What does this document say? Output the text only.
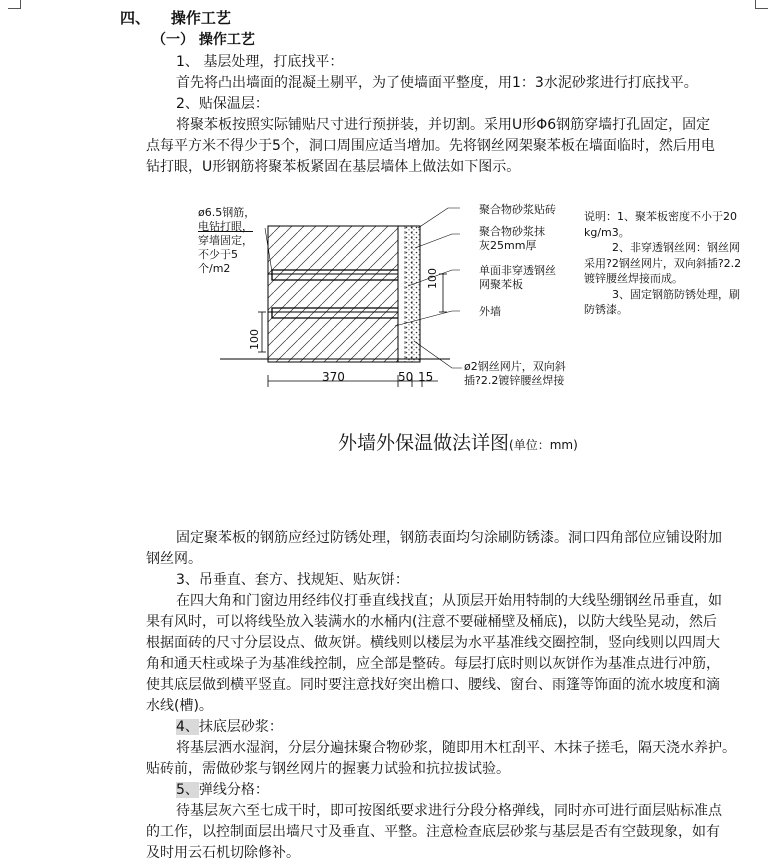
四、 操作工艺
（一） 操作工艺
1、 基层处理，打底找平：
首先将凸出墙面的混凝土剔平，为了使墙面平整度，用1：3水泥砂浆进行打底找平。
2、贴保温层：
将聚苯板按照实际铺贴尺寸进行预拼装，并切割。采用U形Φ6钢筋穿墙打孔固定，固定
点每平方米不得少于5个，洞口周围应适当增加。先将钢丝网架聚苯板在墙面临时，然后用电
钻打眼，U形钢筋将聚苯板紧固在基层墙体上做法如下图示。
ø6.5钢筋，
电钻打眼，
穿墙固定，
不少于5
个/m2
聚合物砂浆贴砖
聚合物砂浆抹
灰25mm厚
单面非穿透钢丝
网聚苯板
外墙
ø2钢丝网片，双向斜
插?2.2镀锌腰丝焊接
100
100
370	50 15
说明：1、聚苯板密度不小于20
kg/m3。
2、非穿透钢丝网：钢丝网
采用?2钢丝网片，双向斜插?2.2
镀锌腰丝焊接而成。
3、固定钢筋防锈处理，刷
防锈漆。
外墙外保温做法详图(单位：mm)
固定聚苯板的钢筋应经过防锈处理，钢筋表面均匀涂刷防锈漆。洞口四角部位应铺设附加
钢丝网。
3、吊垂直、套方、找规矩、贴灰饼：
在四大角和门窗边用经纬仪打垂直线找直；从顶层开始用特制的大线坠绷钢丝吊垂直，如
果有风时，可以将线坠放入装满水的水桶内(注意不要碰桶壁及桶底)，以防大线坠晃动，然后
根据面砖的尺寸分层设点、做灰饼。横线则以楼层为水平基准线交圈控制，竖向线则以四周大
角和通天柱或垛子为基准线控制，应全部是整砖。每层打底时则以灰饼作为基准点进行冲筋，
使其底层做到横平竖直。同时要注意找好突出檐口、腰线、窗台、雨篷等饰面的流水坡度和滴
水线(槽)。
4、抹底层砂浆：
将基层洒水湿润，分层分遍抹聚合物砂浆，随即用木杠刮平、木抹子搓毛，隔天浇水养护。
贴砖前，需做砂浆与钢丝网片的握裹力试验和抗拉拔试验。
5、弹线分格：
待基层灰六至七成干时，即可按图纸要求进行分段分格弹线，同时亦可进行面层贴标准点
的工作，以控制面层出墙尺寸及垂直、平整。注意检查底层砂浆与基层是否有空鼓现象，如有
及时用云石机切除修补。
